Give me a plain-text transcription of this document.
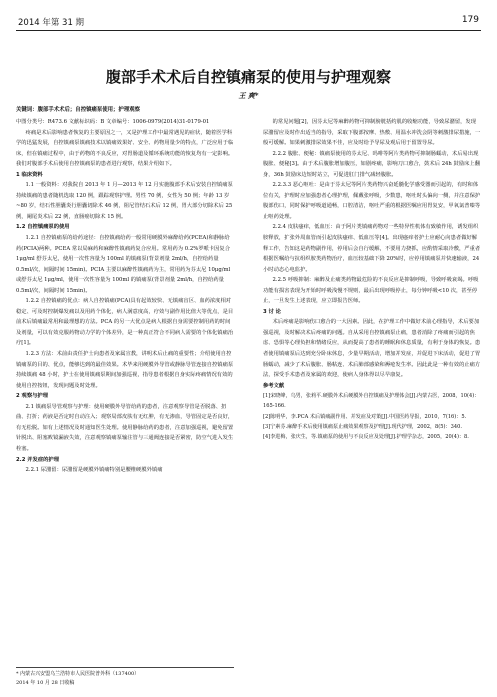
2014 年第 31 期	179
腹部手术术后自控镇痛泵的使用与护理观察
王 爽*
关键词：腹部手术术后；自控镇痛泵使用；护理观察

中图分类号：R473.6 文献标识码：B 文章编号：1006-0979(2014)31-0179-01

疼痛是术后影响患者恢复的主要原因之一，又是护理工作中最常遇见的症状，随着医学科学的迅猛发展，自控镇痛泵镇痛技术以镇痛效果好、安全、药物用量少的特点，广泛应用于临床，但在镇痛过程中，由于药物的不良反应，对胃肠道及循环系统功能的恢复均有一定影响。我们对腹部手术后使用自控镇痛泵的患者进行观察，结果介绍如下。

1 临床资料

1.1 一般资料：对我院自 2013 年 1 月—2013 年 12 月实施腹部手术后安装自控镇痛泵持续镇痛的患者随机选取 120 例，跟踪观察护理。男性 70 例，女性为 50 例；年龄 13 岁~80 岁，结石性胆囊炎行胆囊切除术 46 例，阻尼管结石术后 12 例，胃大部分切除术后 25 例，阑尾炎术后 22 例，直肠癌切除术 15 例。

1.2 自控镇痛泵的使用

1.2.1 自控镇痛泵的给药途径：自控镇痛给药一般常用硬膜外麻醉给药(PCEA)和静脉给药(PCIA)两种。PCEA 常以局麻药和麻醉性镇痛药复合应用。常用药为 0.2%罗哌卡因复合 1μg/ml 舒芬太尼，使用一次性容量为 100ml 的镇痛泵(背景剂量 2ml/h，自控给药量 0.5ml/次，间隔时间 15min)。PCIA 主要以麻醉性镇痛药为主，常用药为芬太尼 10μg/ml 或舒芬太尼 1μg/ml，使用一次性容量为 100ml 的镇痛泵(背景剂量 2ml/h，自控给药量 0.5ml/次，间隔时间 15min)。

1.2.2 自控镇痛的优点：病人自控镇痛(PCA)具有起效较快、无镇痛盲区、血药浓度相对稳定、可及时控制爆发痛以及用药个体化，病人满意度高，疗效与副作用比值大等优点，是目前术后镇痛最常用和最理想的方法。PCA 的另一大优点是病人根据自身需要控制用药的时间及剂量，可以有效克服药物动力学的个体差异，是一种真正符合不同病人需要的个体化镇痛治疗[1]。

1.2.3 方法：术前由责任护士向患者及家属宣教，讲明术后止痛的重要性；介绍使用自控镇痛泵的目的、优点，能够达到的最佳效果。术毕来用硬膜外导管或静脉导管连接自控镇痛泵持续镇痛 48 小时，护士在使用镇痛泵期间加强巡视，指导患者根据自身实际疼痛情况有效的使用自控按钮，发现问题及时处理。

2 观察与护理

2.1 镇痛泵导管观察与护理：使用硬膜外导管给药的患者，注意观察导管是否脱落、扭曲、打折；药液是否定时自动注入；观察局部皮肤有无红肿，有无渗血，导管固定是否良好，有无松脱。如有上述情况及时通知医生处理。使用静脉给药的患者，注意加强巡视，避免留置针脱出、阻塞败镜漏液失效，注意观察镇痛泵输注管与三通阀连接是否紧密，防空气进入发生栓塞。

2.2 并发症的护理

2.2.1 尿潴留：尿潴留是硬膜外镇痛特别是腰椎硬膜外镇痛

的常见问题[2]，因芬太尼等麻醉药物可抑制膀胱括约肌的收缩功能，导致尿潴留，发现尿潴留应及时作出适当的指导，采取下腹部按摩、热敷、用温水冲洗会阴等刺激排尿措施，一般可缓解。如果刺激排尿效果不佳，应及时给予导尿及观后用于留置导尿。

2.2.2 腹胀、便秘：镇痛泵使用的芬太尼、吗啡等阿片类药物可抑制肠蠕动，术后易出现腹胀、便秘[3]。由于术后腹胀增加腹压，如剧疼痛，影响刀口愈合，鼓术后 24h 鼓励床上翻身，36h 鼓励床边短时站立，可促进肛门排气减轻腹胀。

2.2.3.3 恶心呕吐：是由于芬太尼等阿片类药物兴奋延髓化学感受器而引起的，有时和体位有关，护理时应加强患者心理护理，佩戴张呼吸，少数患，呕吐时头偏向一侧，并注意保护腹部伤口，同时保护呼吸道通畅，口腔清洁，呕吐严重的根据医嘱应用胃复安，甲氧氯普嗪等止呕药处理。

2.2.4 皮肤瘙痒，低血压：由于阿片类镇痛药物对一些特异性机体有致敏作用，诱发组织胺释放，扩张外周血管而引起皮肤瘙痒、低血压等[4]。出现瘙痒者护士应耐心向患者做好解释工作，告知这是药物副作用，停用后会自行缓解，不要用力挠抓，应酌情采取冷敷，严重者根据医嘱给与抗组织胺类药物治疗，血压较基础下降 20%时，应停用镇痛泵并快速输液，24 小时动态心电监护。

2.2.5 呼吸抑制：麻醉及止痛类药物最危险的不良反应是抑制呼吸，导致呼吸衰竭。呼吸功能有损害表现为开始时呼吸浅慢不规则，最后出现呼吸停止，每分钟呼吸<10 次，甚至停止，一旦发生上述表现，应立即报告医师。

3 讨 论

术后疼痛是影响伤口愈合的一大因素。因此，在护理工作中做好术前心理指导，术后要加强巡视，及时解决术后疼痛的问题。自从采用自控镇痛泵止痛，患者消除了疼痛而引起的焦虑、恐惧等心理负担和情绪反应，从而提高了患者的睡眠和休息质量，有利于身体的恢复。患者使用镇痛泵后达到充分卧床休息，少量早期活动，增加并发症，并促进下床活动，促进了胃肠蠕动，减少了术后腹胀、肠粘连、术后肺部感染和褥疮发生率。因此此是一种有效的止痛方法，探受手术患者及家属的欢迎，使病人身体得以尽早康复。

参考文献

[1]宋晓峰，乌男，张莉平.硬膜外术后硬膜外自控镇痛及护理体会[J].内蒙古医，2008，10(4)：165-166.

[2]陈明华，李.PCA 术后镇痛副作用、并发症及对策[J].中国医药导报，2010，7(16)：5.

[3]宁素芬.麻醉手术后使用镇痛泵止痛效果观察及护理[J].现代护理，2002，8(5)：340.

[4]李进梅，张庆生，等.镇痛泵的使用与不良反应及处理[J].护理学杂志，2005，20(4)：8.

* 内蒙古兴安盟乌兰浩特市人民医院普外科（137400）
2014 年 10 月 28 日收稿
